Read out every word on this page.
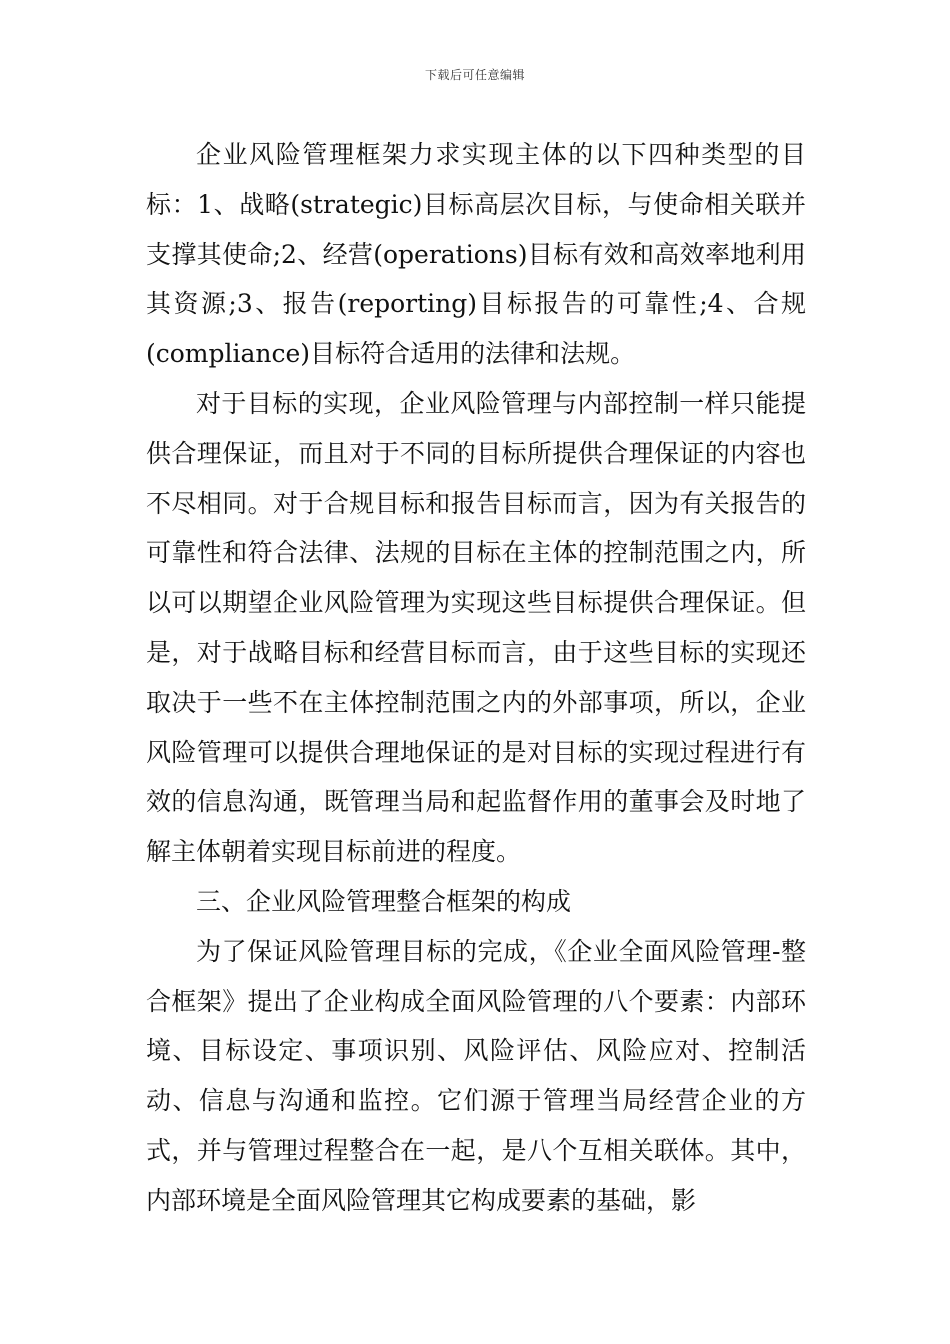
下载后可任意编辑

企业风险管理框架力求实现主体的以下四种类型的目标：1、战略(strategic)目标高层次目标，与使命相关联并支撑其使命;2、经营(operations)目标有效和高效率地利用其资源;3、报告(reporting)目标报告的可靠性;4、合规(compliance)目标符合适用的法律和法规。

对于目标的实现，企业风险管理与内部控制一样只能提供合理保证，而且对于不同的目标所提供合理保证的内容也不尽相同。对于合规目标和报告目标而言，因为有关报告的可靠性和符合法律、法规的目标在主体的控制范围之内，所以可以期望企业风险管理为实现这些目标提供合理保证。但是，对于战略目标和经营目标而言，由于这些目标的实现还取决于一些不在主体控制范围之内的外部事项，所以，企业风险管理可以提供合理地保证的是对目标的实现过程进行有效的信息沟通，既管理当局和起监督作用的董事会及时地了解主体朝着实现目标前进的程度。

三、企业风险管理整合框架的构成

为了保证风险管理目标的完成，《企业全面风险管理-整合框架》提出了企业构成全面风险管理的八个要素：内部环境、目标设定、事项识别、风险评估、风险应对、控制活动、信息与沟通和监控。它们源于管理当局经营企业的方式，并与管理过程整合在一起，是八个互相关联体。其中，内部环境是全面风险管理其它构成要素的基础，影
